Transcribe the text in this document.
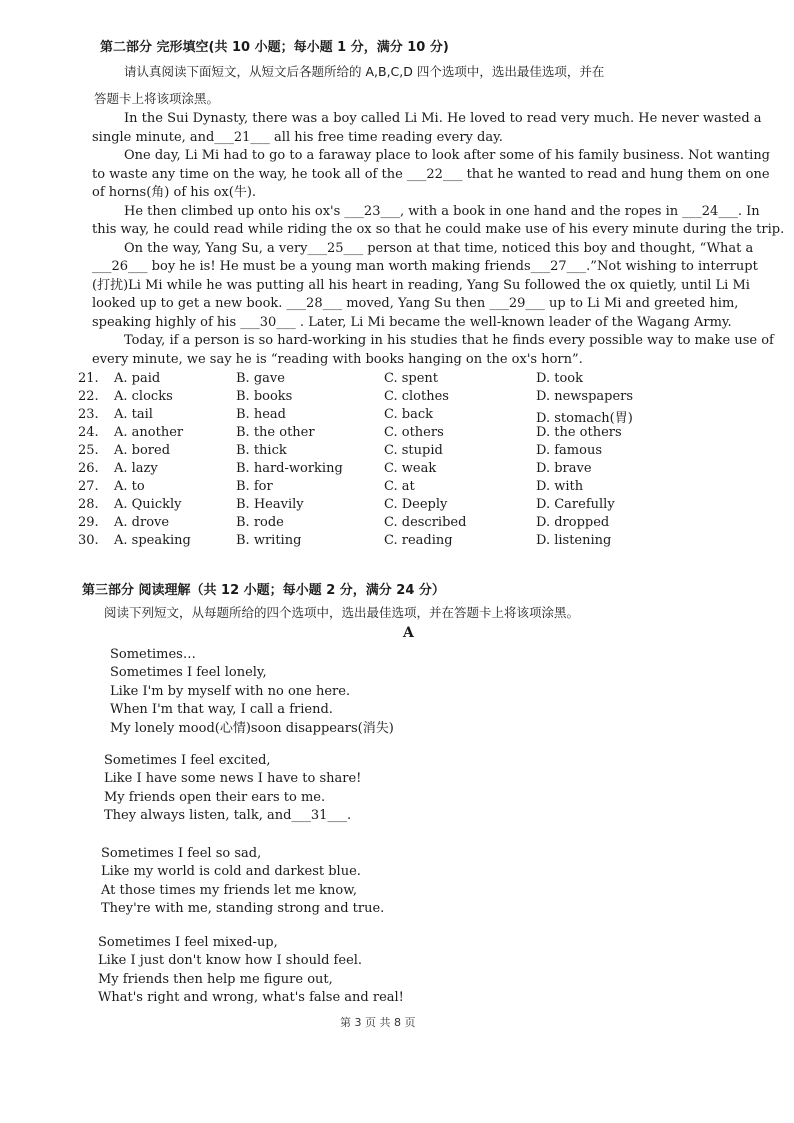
第二部分 完形填空(共 10 小题；每小题 1 分，满分 10 分)
请认真阅读下面短文，从短文后各题所给的 A,B,C,D 四个选项中，选出最佳选项，并在
答题卡上将该项涂黑。

In the Sui Dynasty, there was a boy called Li Mi. He loved to read very much. He never wasted a

single minute, and___21___ all his free time reading every day.

One day, Li Mi had to go to a faraway place to look after some of his family business. Not wanting

to waste any time on the way, he took all of the ___22___ that he wanted to read and hung them on one

of horns(角) of his ox(牛).

He then climbed up onto his ox's ___23___, with a book in one hand and the ropes in ___24___. In

this way, he could read while riding the ox so that he could make use of his every minute during the trip.

On the way, Yang Su, a very___25___ person at that time, noticed this boy and thought, “What a

___26___ boy he is! He must be a young man worth making friends___27___.”Not wishing to interrupt

(打扰)Li Mi while he was putting all his heart in reading, Yang Su followed the ox quietly, until Li Mi

looked up to get a new book. ___28___ moved, Yang Su then ___29___ up to Li Mi and greeted him,

speaking highly of his ___30___ . Later, Li Mi became the well-known leader of the Wagang Army.

Today, if a person is so hard-working in his studies that he finds every possible way to make use of

every minute, we say he is “reading with books hanging on the ox's horn”.

21. A. paid	B. gave	C. spent	D. took
22. A. clocks	B. books	C. clothes	D. newspapers
23. A. tail	B. head	C. back	D. stomach(胃)
24. A. another	B. the other	C. others	D. the others
25. A. bored	B. thick	C. stupid	D. famous
26. A. lazy	B. hard-working	C. weak	D. brave
27. A. to	B. for	C. at	D. with
28. A. Quickly	B. Heavily	C. Deeply	D. Carefully
29. A. drove	B. rode	C. described	D. dropped
30. A. speaking	B. writing	C. reading	D. listening
第三部分 阅读理解（共 12 小题；每小题 2 分，满分 24 分）
阅读下列短文，从每题所给的四个选项中，选出最佳选项，并在答题卡上将该项涂黑。
A

Sometimes…

Sometimes I feel lonely,

Like I'm by myself with no one here.

When I'm that way, I call a friend.

My lonely mood(心情)soon disappears(消失)

Sometimes I feel excited,

Like I have some news I have to share!

My friends open their ears to me.

They always listen, talk, and___31___.

Sometimes I feel so sad,

Like my world is cold and darkest blue.

At those times my friends let me know,

They're with me, standing strong and true.

Sometimes I feel mixed-up,

Like I just don't know how I should feel.

My friends then help me figure out,

What's right and wrong, what's false and real!

第 3 页 共 8 页
